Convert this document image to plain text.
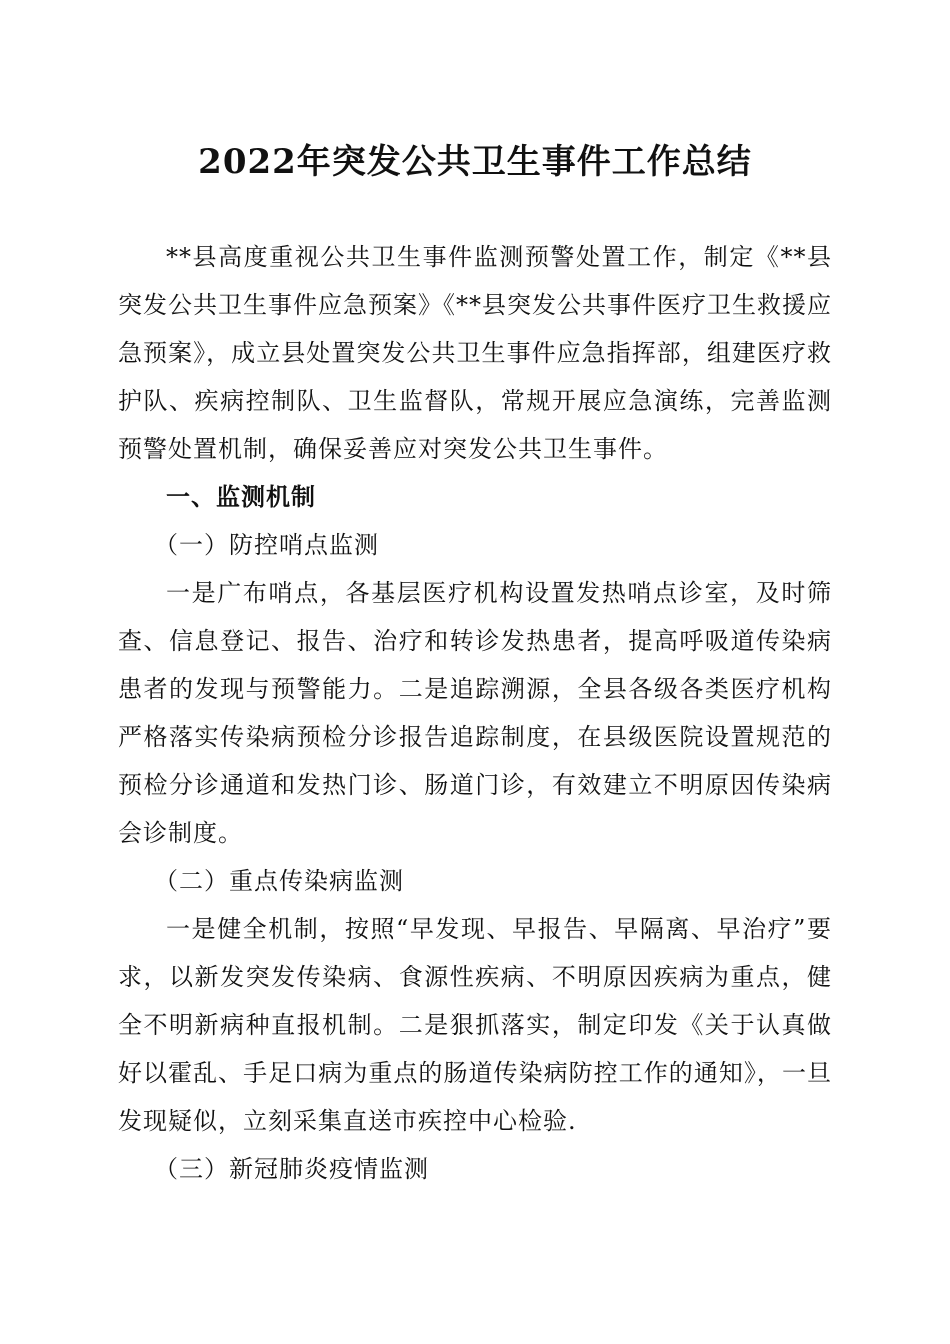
2022年突发公共卫生事件工作总结

**县高度重视公共卫生事件监测预警处置工作，制定《**县突发公共卫生事件应急预案》《**县突发公共事件医疗卫生救援应急预案》，成立县处置突发公共卫生事件应急指挥部，组建医疗救护队、疾病控制队、卫生监督队，常规开展应急演练，完善监测预警处置机制，确保妥善应对突发公共卫生事件。

一、监测机制

（一）防控哨点监测

一是广布哨点，各基层医疗机构设置发热哨点诊室，及时筛查、信息登记、报告、治疗和转诊发热患者，提高呼吸道传染病患者的发现与预警能力。二是追踪溯源，全县各级各类医疗机构严格落实传染病预检分诊报告追踪制度，在县级医院设置规范的预检分诊通道和发热门诊、肠道门诊，有效建立不明原因传染病会诊制度。

（二）重点传染病监测

一是健全机制，按照“早发现、早报告、早隔离、早治疗”要求，以新发突发传染病、食源性疾病、不明原因疾病为重点，健全不明新病种直报机制。二是狠抓落实，制定印发《关于认真做好以霍乱、手足口病为重点的肠道传染病防控工作的通知》，一旦发现疑似，立刻采集直送市疾控中心检验.

（三）新冠肺炎疫情监测
